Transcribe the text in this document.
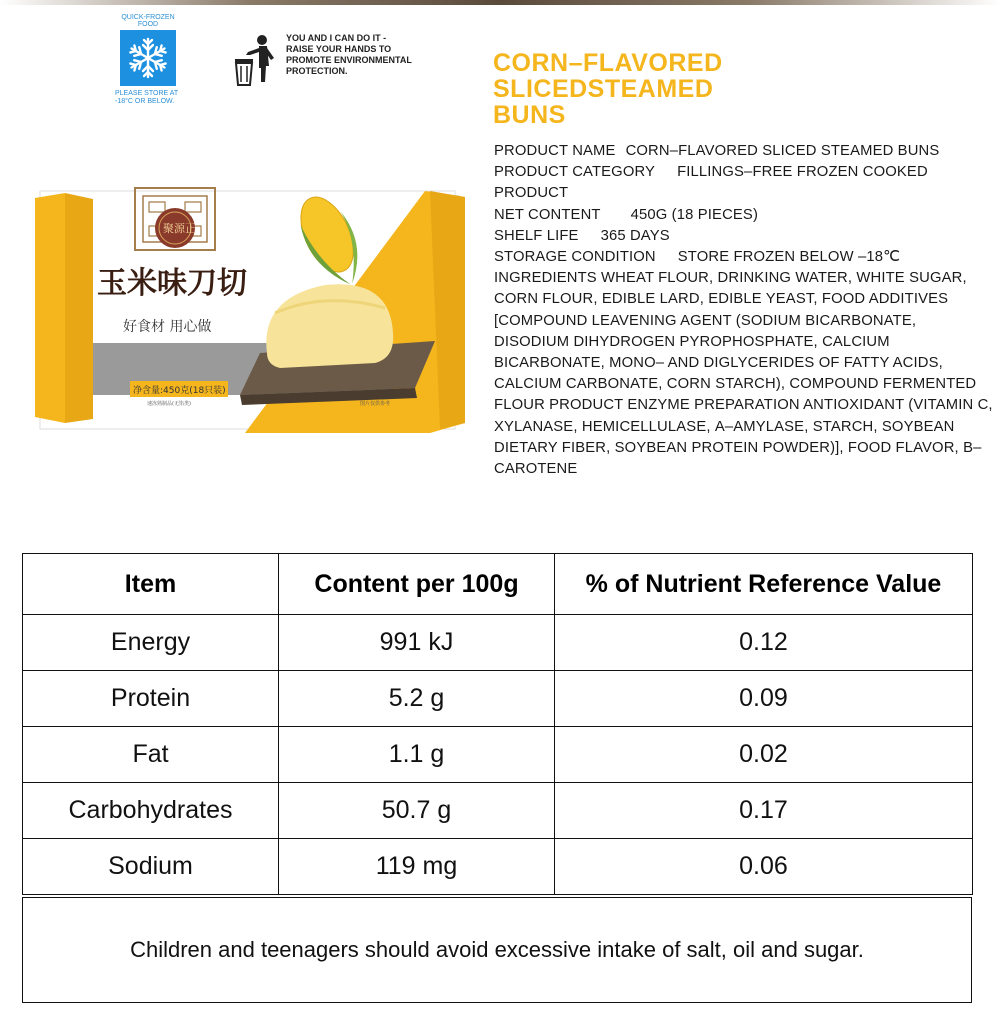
QUICK-FROZEN FOOD
PLEASE STORE AT -18°C OR BELOW.
YOU AND I CAN DO IT - RAISE YOUR HANDS TO PROMOTE ENVIRONMENTAL PROTECTION.
聚源正
玉米味刀切
好食材 用心做
净含量:450克(18只装)
速冻熟制品(无馅类)	图片仅供参考
CORN–FLAVORED SLICEDSTEAMED BUNS
PRODUCT NAME CORN–FLAVORED SLICED STEAMED BUNS
PRODUCT CATEGORY FILLINGS–FREE FROZEN COOKED PRODUCT
NET CONTENT 450G (18 PIECES)
SHELF LIFE 365 DAYS
STORAGE CONDITION STORE FROZEN BELOW –18℃
INGREDIENTS WHEAT FLOUR, DRINKING WATER, WHITE SUGAR, CORN FLOUR, EDIBLE LARD, EDIBLE YEAST, FOOD ADDITIVES [COMPOUND LEAVENING AGENT (SODIUM BICARBONATE, DISODIUM DIHYDROGEN PYROPHOSPHATE, CALCIUM BICARBONATE, MONO– AND DIGLYCERIDES OF FATTY ACIDS, CALCIUM CARBONATE, CORN STARCH), COMPOUND FERMENTED FLOUR PRODUCT ENZYME PREPARATION ANTIOXIDANT (VITAMIN C, XYLANASE, HEMICELLULASE, Α–AMYLASE, STARCH, SOYBEAN DIETARY FIBER, SOYBEAN PROTEIN POWDER)], FOOD FLAVOR, Β–CAROTENE
Item	Content per 100g	% of Nutrient Reference Value
Energy	991 kJ	0.12
Protein	5.2 g	0.09
Fat	1.1 g	0.02
Carbohydrates	50.7 g	0.17
Sodium	119 mg	0.06
Children and teenagers should avoid excessive intake of salt, oil and sugar.
